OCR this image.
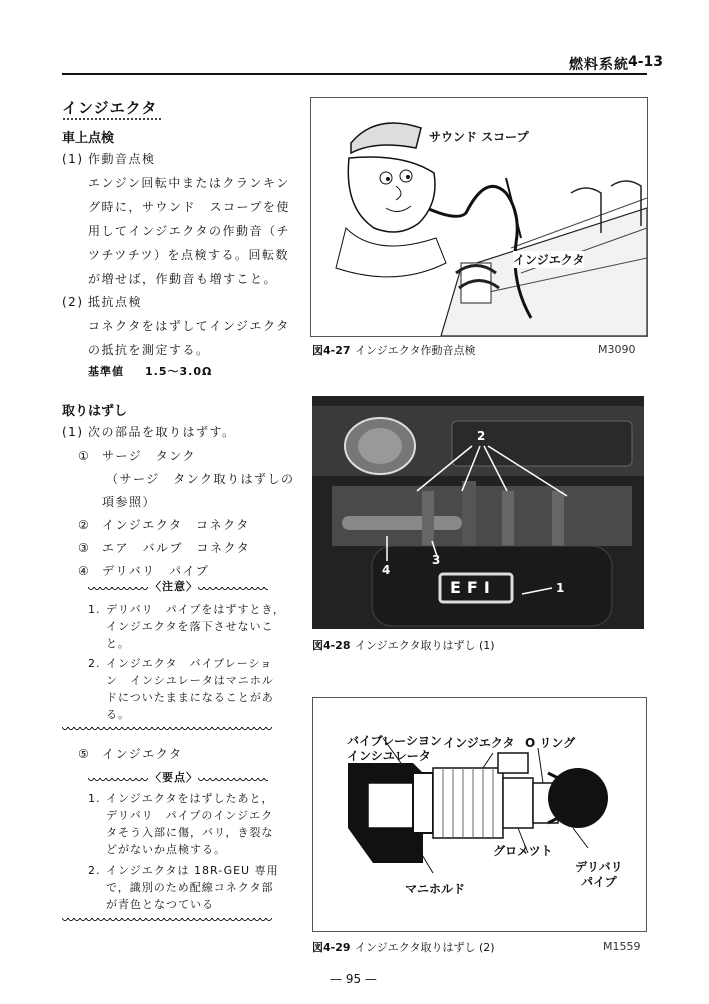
燃料系統
4-13
インジエクタ
車上点検
(1) 作動音点検
エンジン回転中またはクランキン
グ時に，サウンド　スコープを使
用してインジエクタの作動音（チ
ツチツチツ）を点検する。回転数
が増せば，作動音も増すこと。
(2) 抵抗点検
コネクタをはずしてインジエクタ
の抵抗を測定する。
基準値 1.5～3.0Ω
取りはずし
(1) 次の部品を取りはずす。
① サージ　タンク
（サージ　タンク取りはずしの
項参照）
② インジエクタ　コネクタ
③ エア　バルブ　コネクタ
④ デリバリ　パイプ
〈注意〉
1. デリバリ　パイプをはずすとき，
インジエクタを落下させないこ
と。
2. インジエクタ　バイブレーショ
ン　インシユレータはマニホル
ドについたままになることがあ
る。
⑤ インジエクタ
〈要点〉
1. インジエクタをはずしたあと，
デリバリ　パイプのインジエク
タそう入部に傷，バリ，き裂な
どがないか点検する。
2. インジエクタは 18R-GEU 専用
で，識別のため配線コネクタ部
が青色となつている
サウンド スコープ
インジエクタ
図4-27 インジエクタ作動音点検	M3090
2
3
4
1
EFI
図4-28 インジエクタ取りはずし (1)
バイブレーシヨン
インシユレータ
インジエクタ O リング
グロメツト
マニホルド
デリバリ
パイプ
図4-29 インジエクタ取りはずし (2)	M1559
— 95 —
